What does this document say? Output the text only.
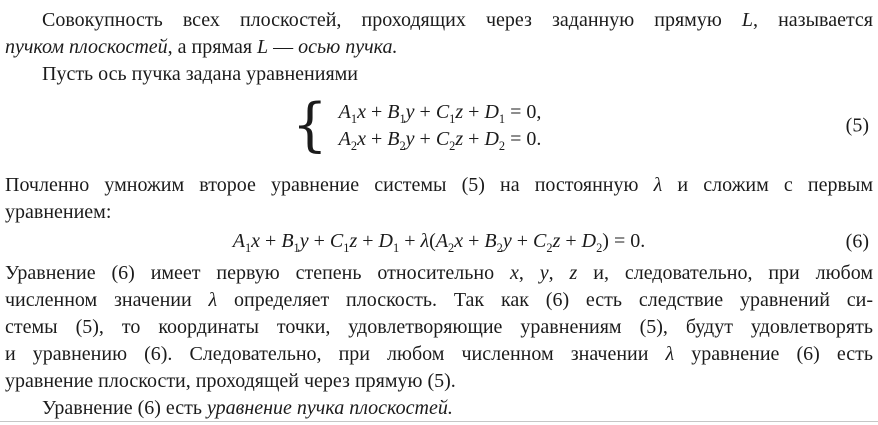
Совокупность всех плоскостей, проходящих через заданную прямую L, называется
пучком плоскостей, а прямая L — осью пучка.
Пусть ось пучка задана уравнениями
{ $A_1x + B_1y + C_1z + D_1 = 0$,
$A_2x + B_2y + C_2z + D_2 = 0$.
(5)
Почленно умножим второе уравнение системы (5) на постоянную λ и сложим с первым
уравнением:
$A_1x + B_1y + C_1z + D_1 + \lambda(A_2x + B_2y + C_2z + D_2) = 0$.	(6)
Уравнение (6) имеет первую степень относительно x, y, z и, следовательно, при любом
численном значении λ определяет плоскость. Так как (6) есть следствие уравнений си-
стемы (5), то координаты точки, удовлетворяющие уравнениям (5), будут удовлетворять
и уравнению (6). Следовательно, при любом численном значении λ уравнение (6) есть
уравнение плоскости, проходящей через прямую (5).
Уравнение (6) есть уравнение пучка плоскостей.
